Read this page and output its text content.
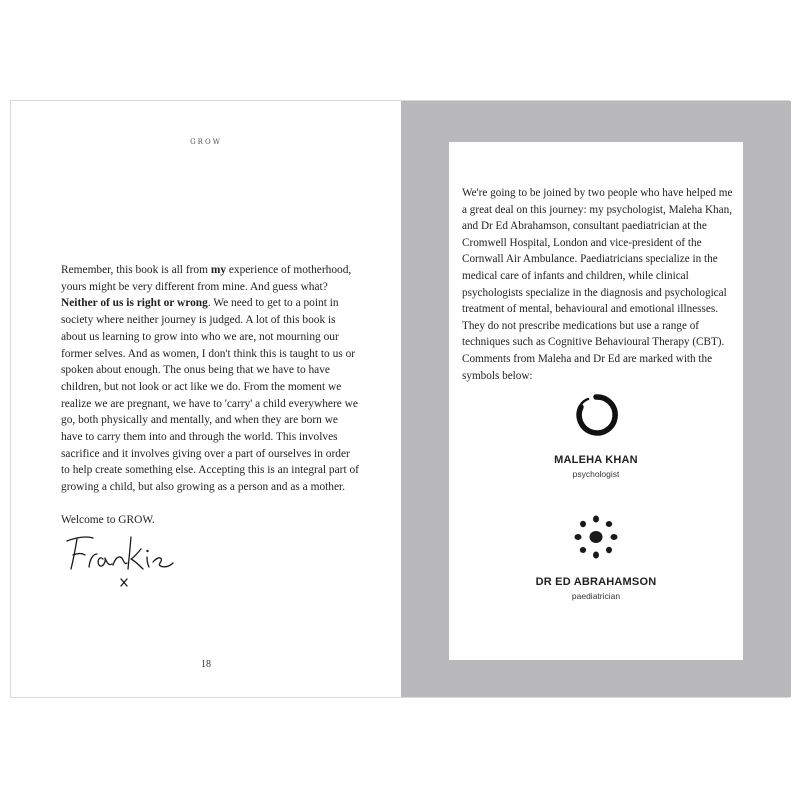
GROW

Remember, this book is all from my experience of motherhood, yours might be very different from mine. And guess what? Neither of us is right or wrong. We need to get to a point in society where neither journey is judged. A lot of this book is about us learning to grow into who we are, not mourning our former selves. And as women, I don't think this is taught to us or spoken about enough. The onus being that we have to have children, but not look or act like we do. From the moment we realize we are pregnant, we have to 'carry' a child everywhere we go, both physically and mentally, and when they are born we have to carry them into and through the world. This involves sacrifice and it involves giving over a part of ourselves in order to help create something else. Accepting this is an integral part of growing a child, but also growing as a person and as a mother.

Welcome to GROW.

18

We're going to be joined by two people who have helped me a great deal on this journey: my psychologist, Maleha Khan, and Dr Ed Abrahamson, consultant paediatrician at the Cromwell Hospital, London and vice-president of the Cornwall Air Ambulance. Paediatricians specialize in the medical care of infants and children, while clinical psychologists specialize in the diagnosis and psychological treatment of mental, behavioural and emotional illnesses. They do not prescribe medications but use a range of techniques such as Cognitive Behavioural Therapy (CBT). Comments from Maleha and Dr Ed are marked with the symbols below:

MALEHA KHAN
psychologist
DR ED ABRAHAMSON
paediatrician
